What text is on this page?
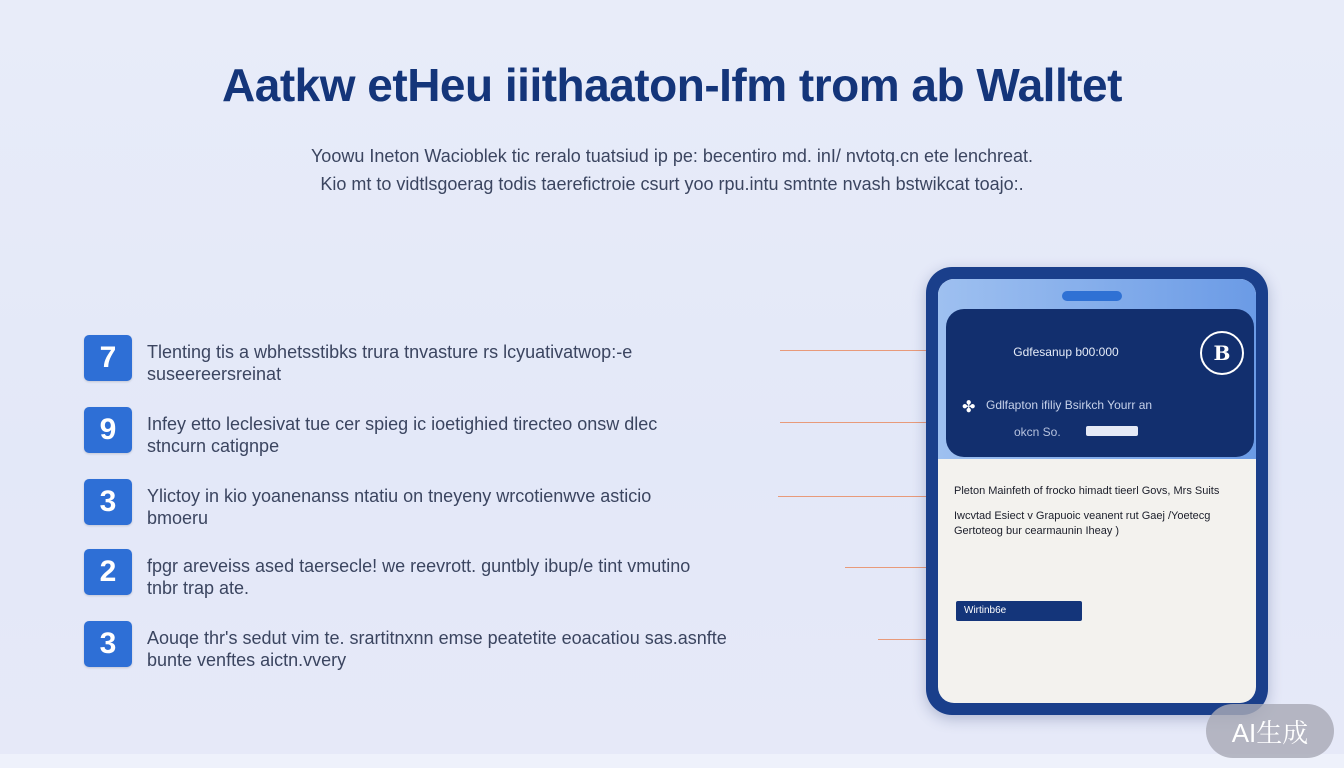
Aatkw etHeu iiithaaton-Ifm trom ab Walltet
Yoowu Ineton Wacioblek tic reralo tuatsiud ip pe: becentiro md. inI/ nvtotq.cn ete lenchreat.
Kio mt to vidtlsgoerag todis taerefictroie csurt yoo rpu.intu smtnte nvash bstwikcat toajo:.
7	Tlenting tis a wbhetsstibks trura tnvasture rs lcyuativatwop:-e
suseereersreinat
9	Infey etto leclesivat tue cer spieg ic ioetighied tirecteo onsw dlec
stncurn catignpe
3	Ylictoy in kio yoanenanss ntatiu on tneyeny wrcotienwve asticio
bmoeru
2	fpgr areveiss ased taersecle! we reevrott. guntbly ibup/e tint vmutino
tnbr trap ate.
3	Aouqe thr's sedut vim te. srartitnxnn emse peatetite eoacatiou sas.asnfte
bunte venftes aictn.vvery
Gdfesanup b00:000	B
✤ Gdlfapton ifiliy Bsirkch Yourr an
okcn So.

Pleton Mainfeth of frocko himadt tieerl Govs, Mrs Suits

Iwcvtad Esiect v Grapuoic veanent rut Gaej /Yoetecg Gertoteog bur cearmaunin Iheay )

Wirtinb6e
AI生成
